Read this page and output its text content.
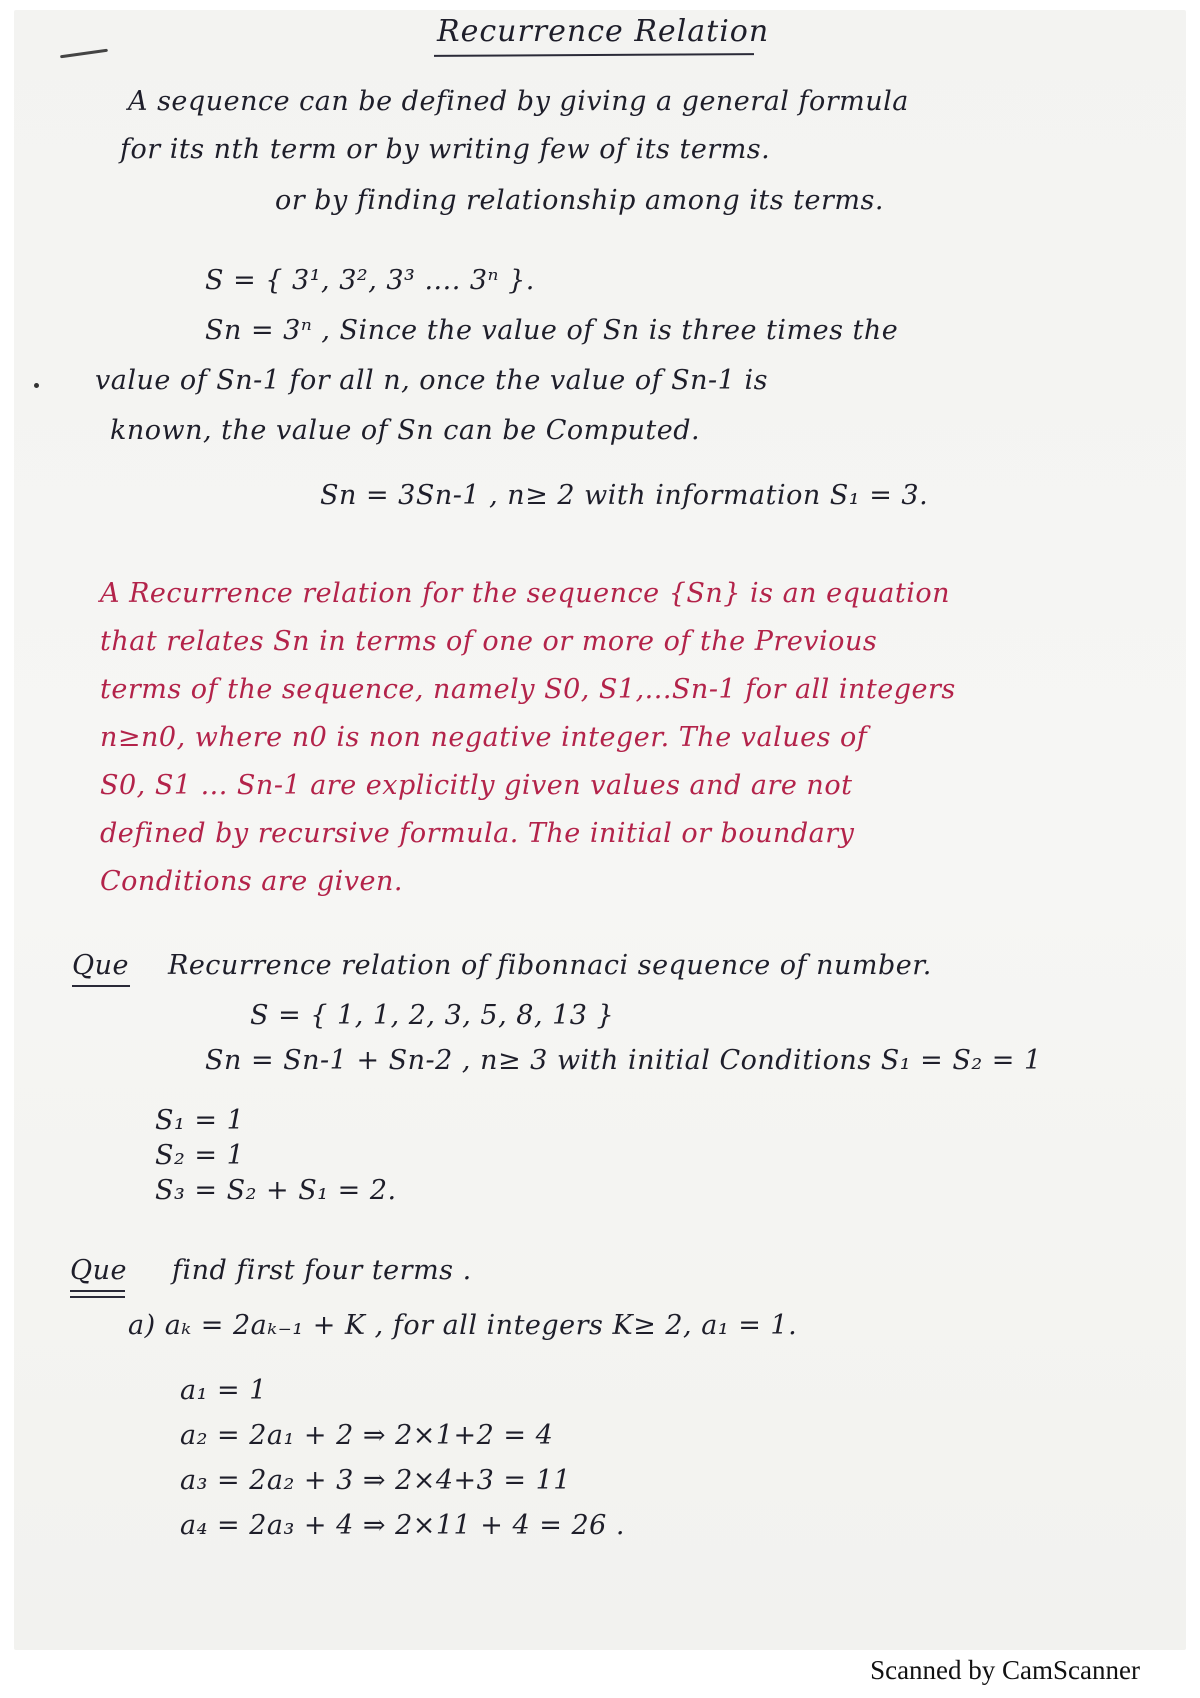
Recurrence Relation
A sequence can be defined by giving a general formula
for its nth term or by writing few of its terms.
or by finding relationship among its terms.
S = { 3¹, 3², 3³ .... 3ⁿ }.
Sn = 3ⁿ , Since the value of Sn is three times the
value of Sn-1 for all n, once the value of Sn-1 is
known, the value of Sn can be Computed.
Sn = 3Sn-1 , n≥ 2 with information S₁ = 3.
A Recurrence relation for the sequence {Sn} is an equation
that relates Sn in terms of one or more of the Previous
terms of the sequence, namely S0, S1,...Sn-1 for all integers
n≥n0, where n0 is non negative integer. The values of
S0, S1 ... Sn-1 are explicitly given values and are not
defined by recursive formula. The initial or boundary
Conditions are given.
Que Recurrence relation of fibonnaci sequence of number.
S = { 1, 1, 2, 3, 5, 8, 13 }
Sn = Sn-1 + Sn-2 , n≥ 3 with initial Conditions S₁ = S₂ = 1
S₁ = 1
S₂ = 1
S₃ = S₂ + S₁ = 2.
Que find first four terms .
a) aₖ = 2aₖ₋₁ + K , for all integers K≥ 2, a₁ = 1.
a₁ = 1
a₂ = 2a₁ + 2 ⇒ 2×1+2 = 4
a₃ = 2a₂ + 3 ⇒ 2×4+3 = 11
a₄ = 2a₃ + 4 ⇒ 2×11 + 4 = 26 .
Scanned by CamScanner
